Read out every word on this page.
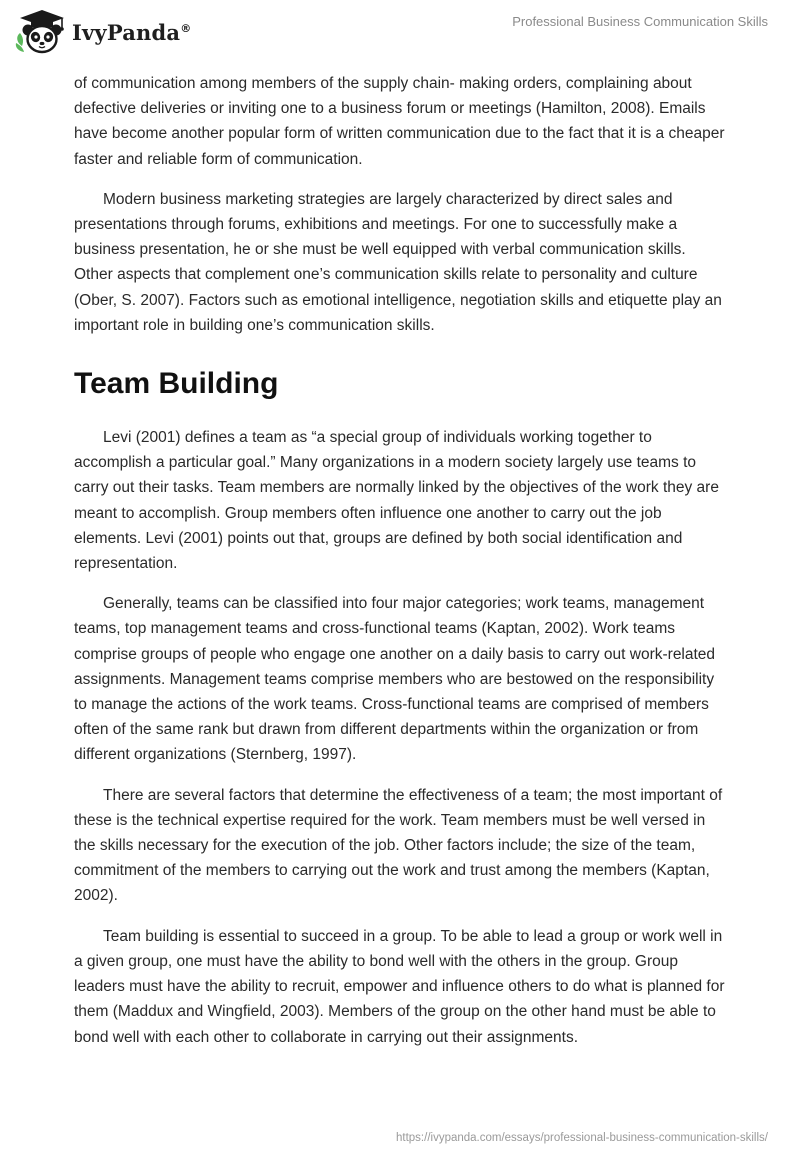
IvyPanda®	Professional Business Communication Skills

of communication among members of the supply chain- making orders, complaining about defective deliveries or inviting one to a business forum or meetings (Hamilton, 2008). Emails have become another popular form of written communication due to the fact that it is a cheaper faster and reliable form of communication.

Modern business marketing strategies are largely characterized by direct sales and presentations through forums, exhibitions and meetings. For one to successfully make a business presentation, he or she must be well equipped with verbal communication skills. Other aspects that complement one’s communication skills relate to personality and culture (Ober, S. 2007). Factors such as emotional intelligence, negotiation skills and etiquette play an important role in building one’s communication skills.

Team Building

Levi (2001) defines a team as “a special group of individuals working together to accomplish a particular goal.” Many organizations in a modern society largely use teams to carry out their tasks. Team members are normally linked by the objectives of the work they are meant to accomplish. Group members often influence one another to carry out the job elements. Levi (2001) points out that, groups are defined by both social identification and representation.

Generally, teams can be classified into four major categories; work teams, management teams, top management teams and cross-functional teams (Kaptan, 2002). Work teams comprise groups of people who engage one another on a daily basis to carry out work-related assignments. Management teams comprise members who are bestowed on the responsibility to manage the actions of the work teams. Cross-functional teams are comprised of members often of the same rank but drawn from different departments within the organization or from different organizations (Sternberg, 1997).

There are several factors that determine the effectiveness of a team; the most important of these is the technical expertise required for the work. Team members must be well versed in the skills necessary for the execution of the job. Other factors include; the size of the team, commitment of the members to carrying out the work and trust among the members (Kaptan, 2002).

Team building is essential to succeed in a group. To be able to lead a group or work well in a given group, one must have the ability to bond well with the others in the group. Group leaders must have the ability to recruit, empower and influence others to do what is planned for them (Maddux and Wingfield, 2003). Members of the group on the other hand must be able to bond well with each other to collaborate in carrying out their assignments.

https://ivypanda.com/essays/professional-business-communication-skills/
